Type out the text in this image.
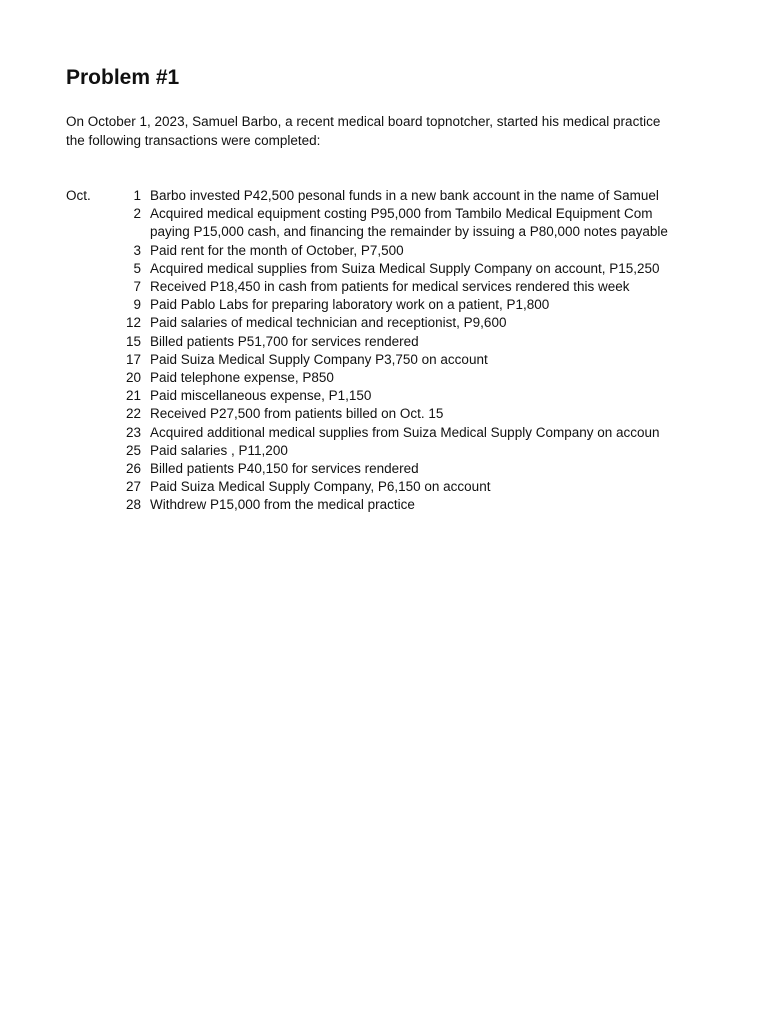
Problem #1
On October 1, 2023, Samuel Barbo, a recent medical board topnotcher, started his medical practice
the following transactions were completed:
Oct.	1 Barbo invested P42,500 pesonal funds in a new bank account in the name of Samuel
2 Acquired medical equipment costing P95,000 from Tambilo Medical Equipment Com
paying P15,000 cash, and financing the remainder by issuing a P80,000 notes payable
3 Paid rent for the month of October, P7,500
5 Acquired medical supplies from Suiza Medical Supply Company on account, P15,250
7 Received P18,450 in cash from patients for medical services rendered this week
9 Paid Pablo Labs for preparing laboratory work on a patient, P1,800
12 Paid salaries of medical technician and receptionist, P9,600
15 Billed patients P51,700 for services rendered
17 Paid Suiza Medical Supply Company P3,750 on account
20 Paid telephone expense, P850
21 Paid miscellaneous expense, P1,150
22 Received P27,500 from patients billed on Oct. 15
23 Acquired additional medical supplies from Suiza Medical Supply Company on accoun
25 Paid salaries , P11,200
26 Billed patients P40,150 for services rendered
27 Paid Suiza Medical Supply Company, P6,150 on account
28 Withdrew P15,000 from the medical practice
